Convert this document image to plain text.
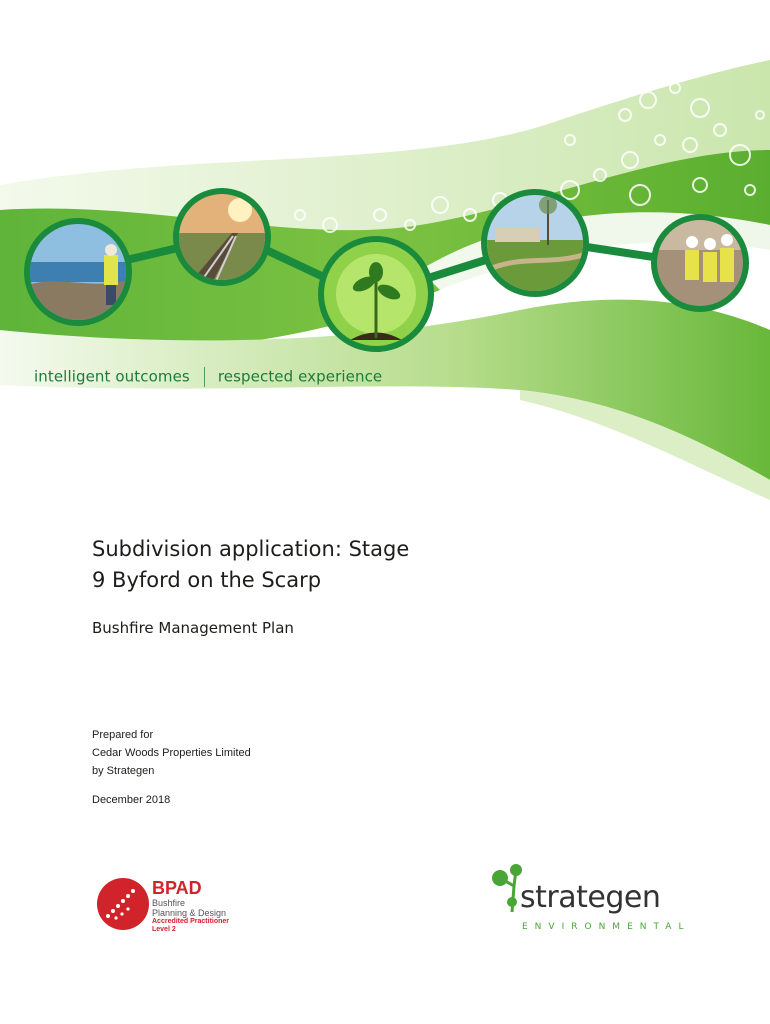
intelligent outcomes respected experience
Subdivision application: Stage
9 Byford on the Scarp
Bushfire Management Plan
Prepared for
Cedar Woods Properties Limited
by Strategen
December 2018
BPAD
Bushfire
Planning & Design
Accredited Practitioner
Level 2
strategen
ENVIRONMENTAL
